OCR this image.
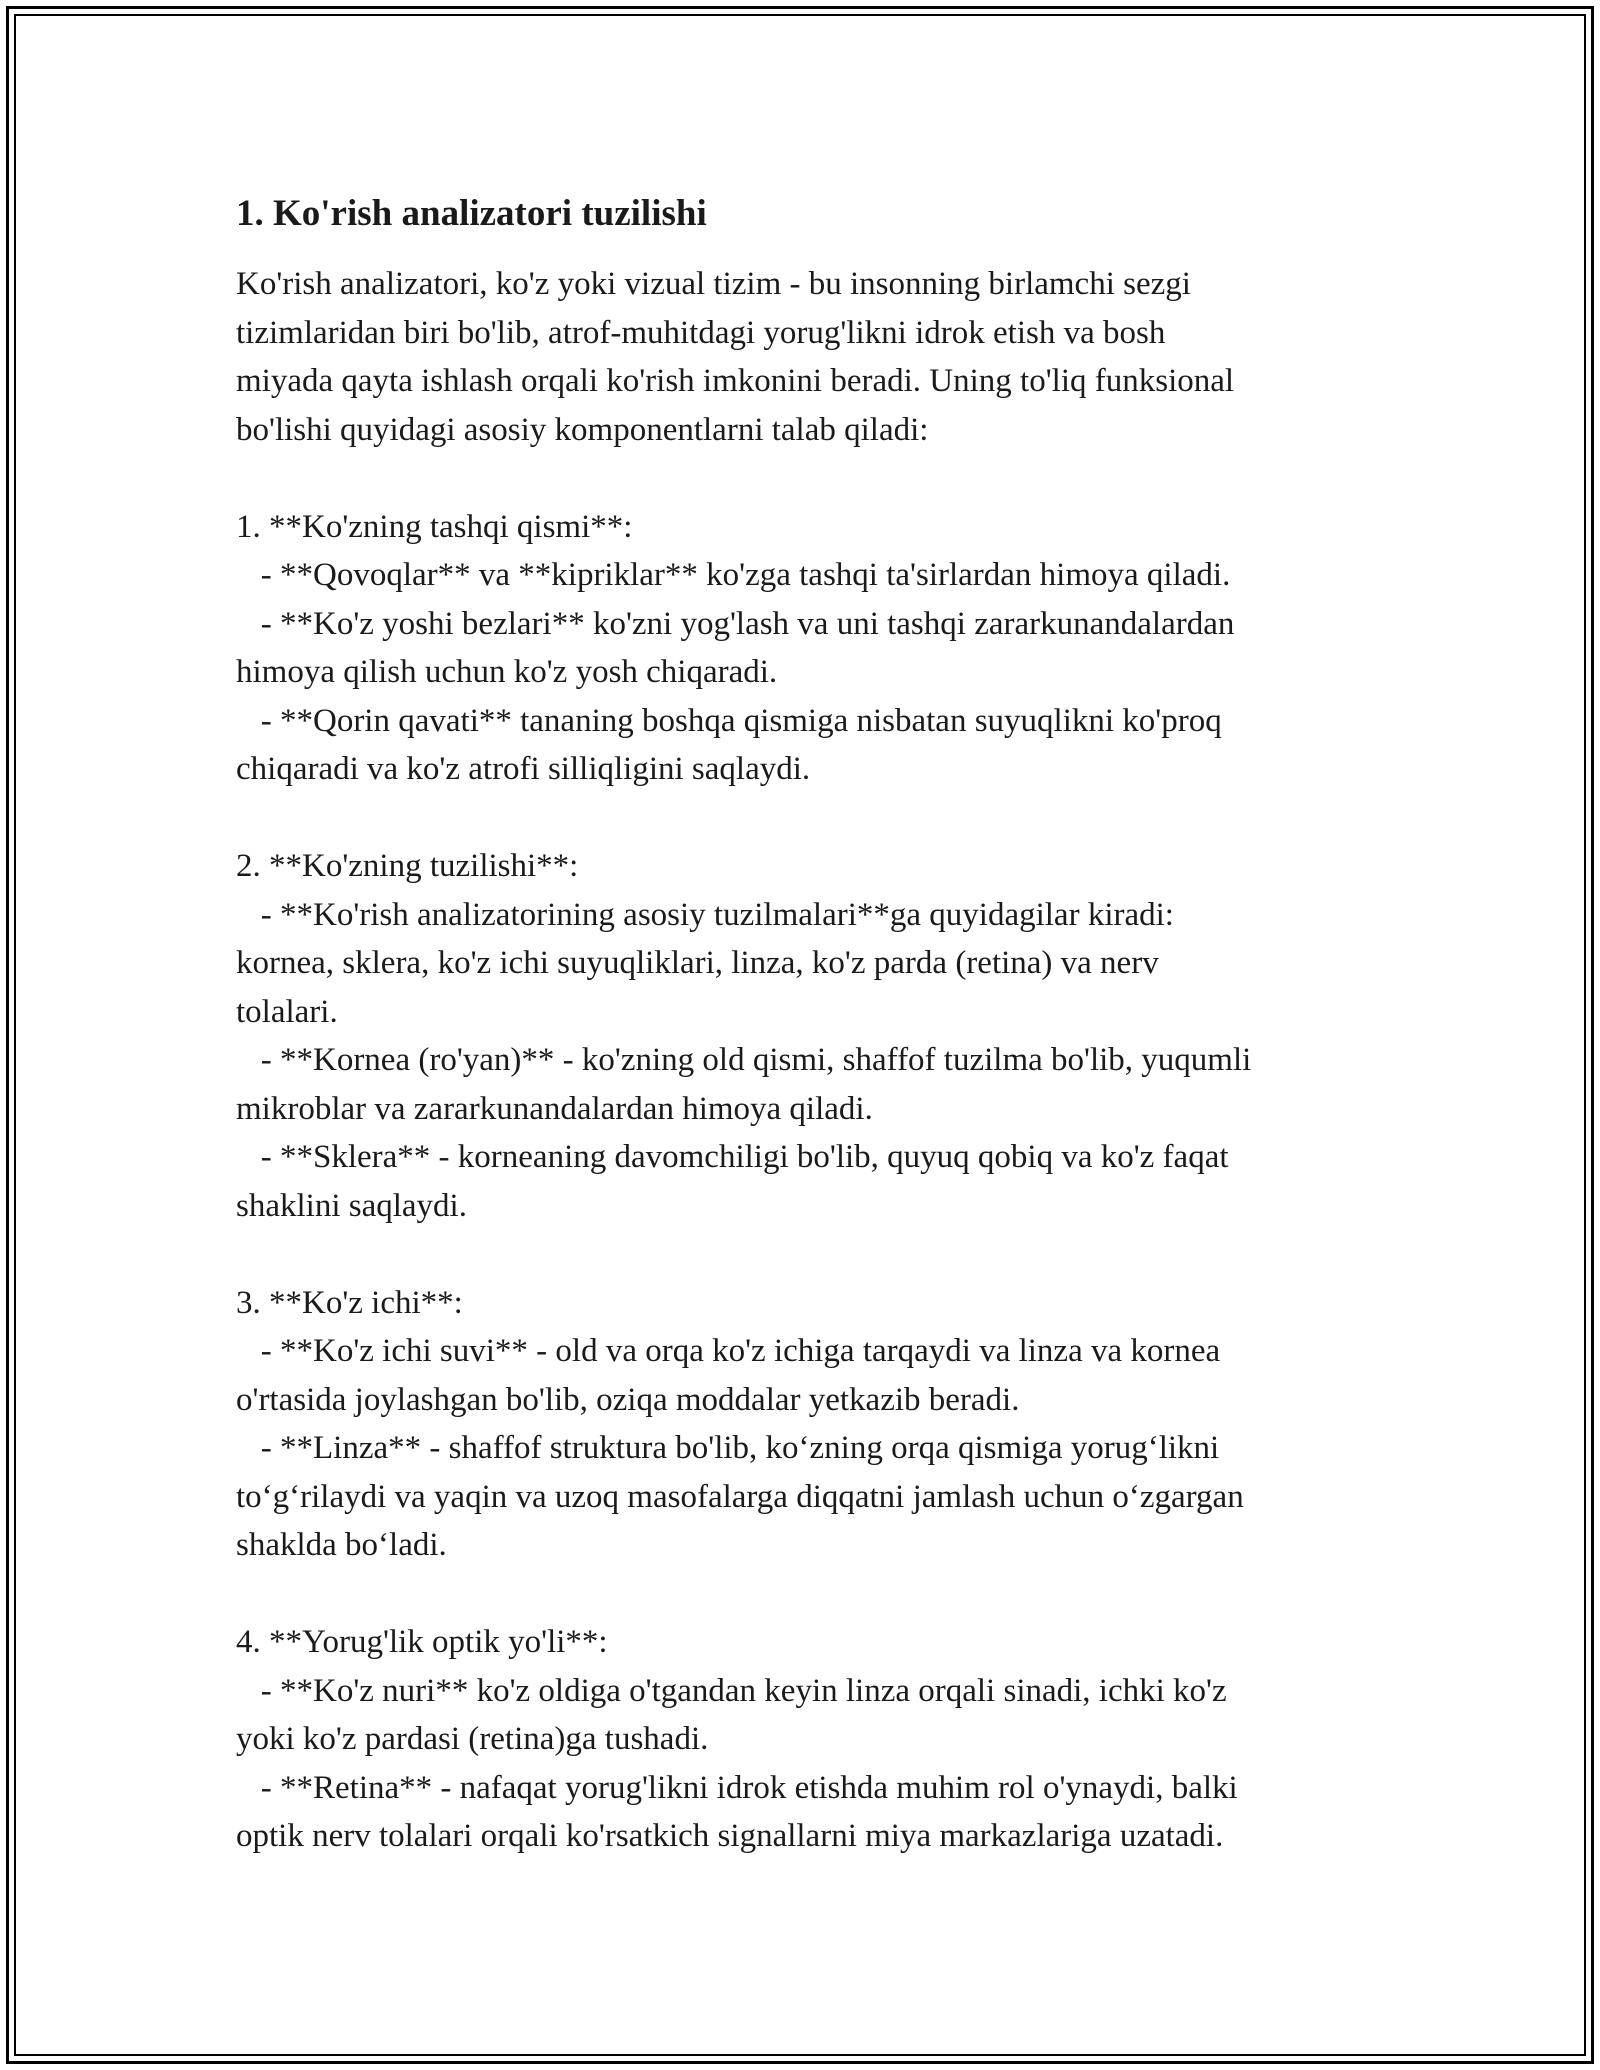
1. Ko'rish analizatori tuzilishi

Ko'rish analizatori, ko'z yoki vizual tizim - bu insonning birlamchi sezgi
tizimlaridan biri bo'lib, atrof-muhitdagi yorug'likni idrok etish va bosh
miyada qayta ishlash orqali ko'rish imkonini beradi. Uning to'liq funksional
bo'lishi quyidagi asosiy komponentlarni talab qiladi:

1. **Ko'zning tashqi qismi**:
- **Qovoqlar** va **kipriklar** ko'zga tashqi ta'sirlardan himoya qiladi.
- **Ko'z yoshi bezlari** ko'zni yog'lash va uni tashqi zararkunandalardan
himoya qilish uchun ko'z yosh chiqaradi.
- **Qorin qavati** tananing boshqa qismiga nisbatan suyuqlikni ko'proq
chiqaradi va ko'z atrofi silliqligini saqlaydi.

2. **Ko'zning tuzilishi**:
- **Ko'rish analizatorining asosiy tuzilmalari**ga quyidagilar kiradi:
kornea, sklera, ko'z ichi suyuqliklari, linza, ko'z parda (retina) va nerv
tolalari.
- **Kornea (ro'yan)** - ko'zning old qismi, shaffof tuzilma bo'lib, yuqumli
mikroblar va zararkunandalardan himoya qiladi.
- **Sklera** - korneaning davomchiligi bo'lib, quyuq qobiq va ko'z faqat
shaklini saqlaydi.

3. **Ko'z ichi**:
- **Ko'z ichi suvi** - old va orqa ko'z ichiga tarqaydi va linza va kornea
o'rtasida joylashgan bo'lib, oziqa moddalar yetkazib beradi.
- **Linza** - shaffof struktura bo'lib, ko‘zning orqa qismiga yorug‘likni
to‘g‘rilaydi va yaqin va uzoq masofalarga diqqatni jamlash uchun o‘zgargan
shaklda bo‘ladi.

4. **Yorug'lik optik yo'li**:
- **Ko'z nuri** ko'z oldiga o'tgandan keyin linza orqali sinadi, ichki ko'z
yoki ko'z pardasi (retina)ga tushadi.
- **Retina** - nafaqat yorug'likni idrok etishda muhim rol o'ynaydi, balki
optik nerv tolalari orqali ko'rsatkich signallarni miya markazlariga uzatadi.
